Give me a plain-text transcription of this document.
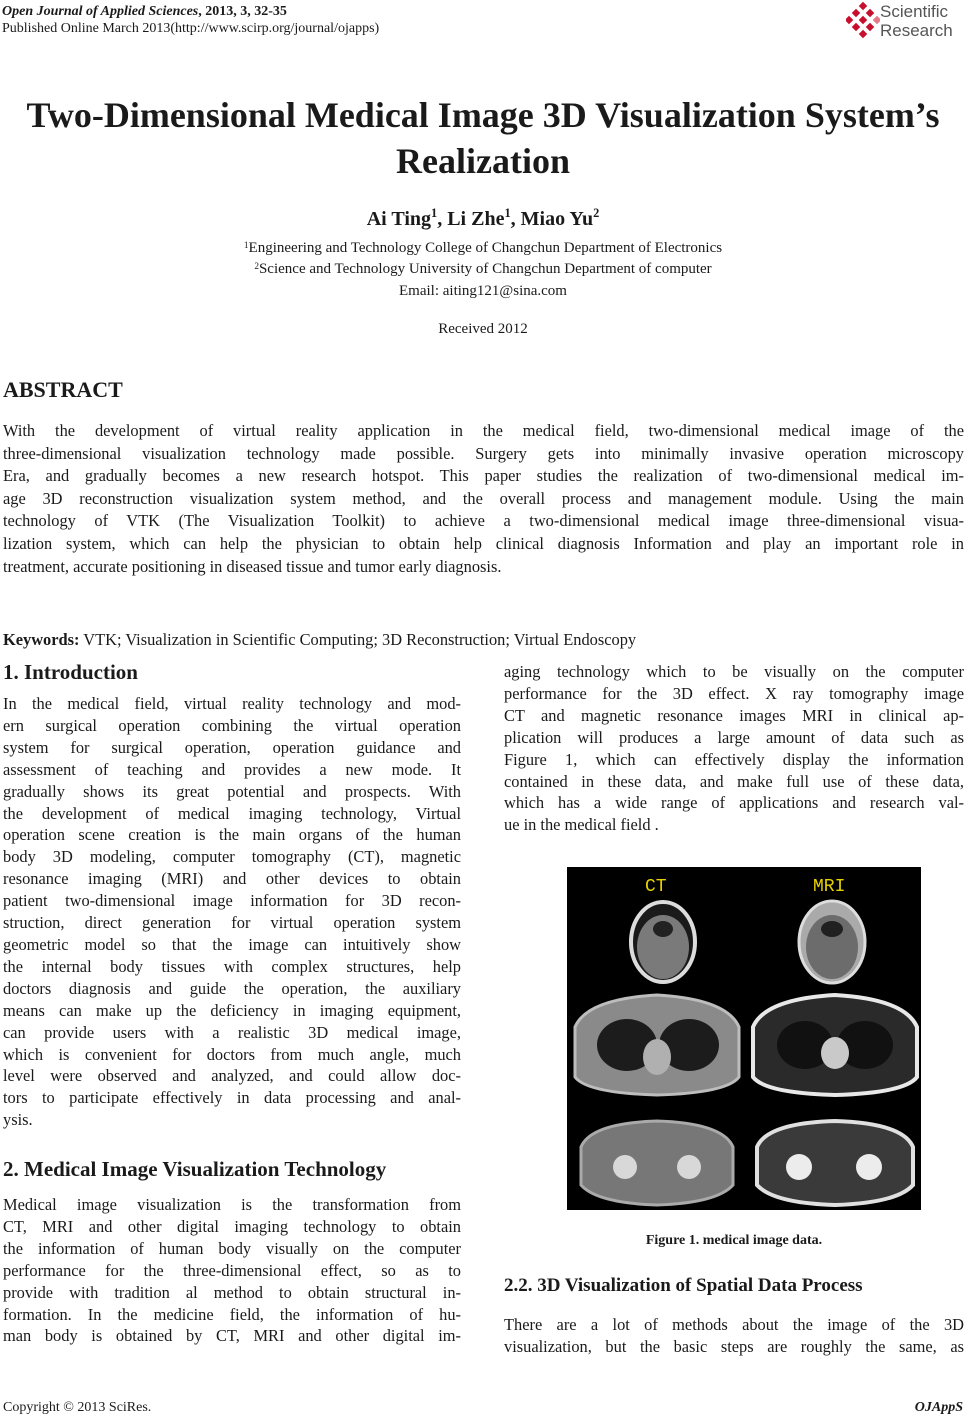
Open Journal of Applied Sciences, 2013, 3, 32-35
Published Online March 2013(http://www.scirp.org/journal/ojapps)
Scientific
Research
Two-Dimensional Medical Image 3D Visualization System’s
Realization
Ai Ting$^1$, Li Zhe$^1$, Miao Yu$^2$
$^1$Engineering and Technology College of Changchun Department of Electronics
$^2$Science and Technology University of Changchun Department of computer
Email: aiting121@sina.com
Received 2012
ABSTRACT
With the development of virtual reality application in the medical field, two-dimensional medical image of the
three-dimensional visualization technology made possible. Surgery gets into minimally invasive operation microscopy
Era, and gradually becomes a new research hotspot. This paper studies the realization of two-dimensional medical im-
age 3D reconstruction visualization system method, and the overall process and management module. Using the main
technology of VTK (The Visualization Toolkit) to achieve a two-dimensional medical image three-dimensional visua-
lization system, which can help the physician to obtain help clinical diagnosis Information and play an important role in
treatment, accurate positioning in diseased tissue and tumor early diagnosis.
Keywords: VTK; Visualization in Scientific Computing; 3D Reconstruction; Virtual Endoscopy
1. Introduction
In the medical field, virtual reality technology and mod-
ern surgical operation combining the virtual operation
system for surgical operation, operation guidance and
assessment of teaching and provides a new mode. It
gradually shows its great potential and prospects. With
the development of medical imaging technology, Virtual
operation scene creation is the main organs of the human
body 3D modeling, computer tomography (CT), magnetic
resonance imaging (MRI) and other devices to obtain
patient two-dimensional image information for 3D recon-
struction, direct generation for virtual operation system
geometric model so that the image can intuitively show
the internal body tissues with complex structures, help
doctors diagnosis and guide the operation, the auxiliary
means can make up the deficiency in imaging equipment,
can provide users with a realistic 3D medical image,
which is convenient for doctors from much angle, much
level were observed and analyzed, and could allow doc-
tors to participate effectively in data processing and anal-
ysis.
2. Medical Image Visualization Technology
Medical image visualization is the transformation from
CT, MRI and other digital imaging technology to obtain
the information of human body visually on the computer
performance for the three-dimensional effect, so as to
provide with tradition al method to obtain structural in-
formation. In the medicine field, the information of hu-
man body is obtained by CT, MRI and other digital im-
aging technology which to be visually on the computer
performance for the 3D effect. X ray tomography image
CT and magnetic resonance images MRI in clinical ap-
plication will produces a large amount of data such as
Figure 1, which can effectively display the information
contained in these data, and make full use of these data,
which has a wide range of applications and research val-
ue in the medical field .
CT	MRI
Figure 1. medical image data.
2.2. 3D Visualization of Spatial Data Process
There are a lot of methods about the image of the 3D
visualization, but the basic steps are roughly the same, as
Copyright © 2013 SciRes.	OJAppS
